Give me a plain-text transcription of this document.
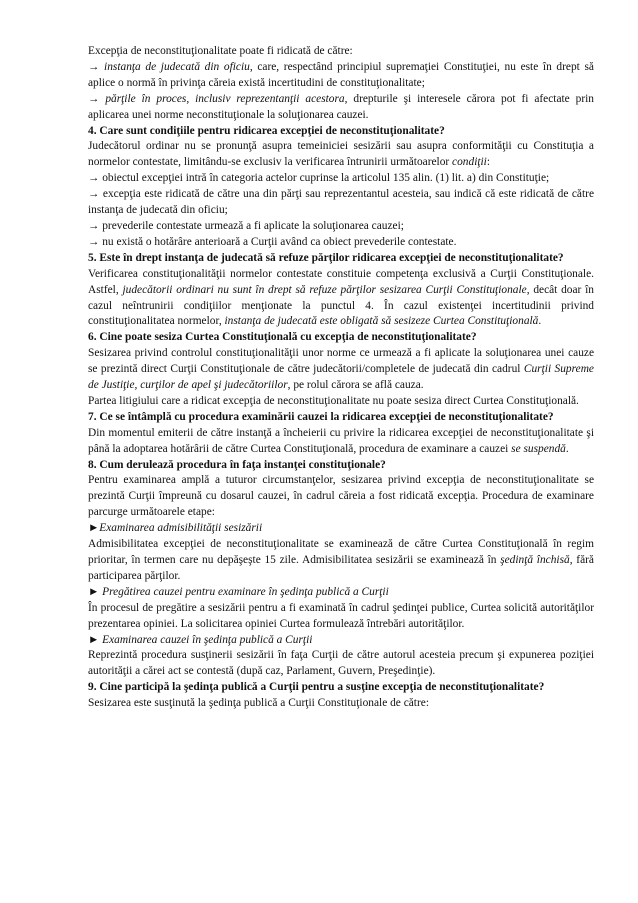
Excepţia de neconstituţionalitate poate fi ridicată de către:

→ instanţa de judecată din oficiu, care, respectând principiul supremaţiei Constituţiei, nu este în drept să aplice o normă în privinţa căreia există incertitudini de constituţionalitate;

→ părţile în proces, inclusiv reprezentanţii acestora, drepturile şi interesele cărora pot fi afectate prin aplicarea unei norme neconstituţionale la soluţionarea cauzei.

4. Care sunt condiţiile pentru ridicarea excepţiei de neconstituţionalitate?

Judecătorul ordinar nu se pronunţă asupra temeiniciei sesizării sau asupra conformităţii cu Constituţia a normelor contestate, limitându-se exclusiv la verificarea întrunirii următoarelor condiţii:

→ obiectul excepţiei intră în categoria actelor cuprinse la articolul 135 alin. (1) lit. a) din Constituţie;

→ excepţia este ridicată de către una din părţi sau reprezentantul acesteia, sau indică că este ridicată de către instanţa de judecată din oficiu;

→ prevederile contestate urmează a fi aplicate la soluţionarea cauzei;

→ nu există o hotărâre anterioară a Curţii având ca obiect prevederile contestate.

5. Este în drept instanţa de judecată să refuze părţilor ridicarea excepţiei de neconstituţionalitate?

Verificarea constituţionalităţii normelor contestate constituie competenţa exclusivă a Curţii Constituţionale. Astfel, judecătorii ordinari nu sunt în drept să refuze părţilor sesizarea Curţii Constituţionale, decât doar în cazul neîntrunirii condiţiilor menţionate la punctul 4. În cazul existenţei incertitudinii privind constituţionalitatea normelor, instanţa de judecată este obligată să sesizeze Curtea Constituţională.

6. Cine poate sesiza Curtea Constituţională cu excepţia de neconstituţionalitate?

Sesizarea privind controlul constituţionalităţii unor norme ce urmează a fi aplicate la soluţionarea unei cauze se prezintă direct Curţii Constituţionale de către judecătorii/completele de judecată din cadrul Curţii Supreme de Justiţie, curţilor de apel şi judecătoriilor, pe rolul cărora se află cauza.

Partea litigiului care a ridicat excepţia de neconstituţionalitate nu poate sesiza direct Curtea Constituţională.

7. Ce se întâmplă cu procedura examinării cauzei la ridicarea excepţiei de neconstituţionalitate?

Din momentul emiterii de către instanţă a încheierii cu privire la ridicarea excepţiei de neconstituţionalitate şi până la adoptarea hotărârii de către Curtea Constituţională, procedura de examinare a cauzei se suspendă.

8. Cum derulează procedura în faţa instanţei constituţionale?

Pentru examinarea amplă a tuturor circumstanţelor, sesizarea privind excepţia de neconstituţionalitate se prezintă Curţii împreună cu dosarul cauzei, în cadrul căreia a fost ridicată excepţia. Procedura de examinare parcurge următoarele etape:

►Examinarea admisibilităţii sesizării

Admisibilitatea excepţiei de neconstituţionalitate se examinează de către Curtea Constituţională în regim prioritar, în termen care nu depăşeşte 15 zile. Admisibilitatea sesizării se examinează în şedinţă închisă, fără participarea părţilor.

► Pregătirea cauzei pentru examinare în şedinţa publică a Curţii

În procesul de pregătire a sesizării pentru a fi examinată în cadrul şedinţei publice, Curtea solicită autorităţilor prezentarea opiniei. La solicitarea opiniei Curtea formulează întrebări autorităţilor.

► Examinarea cauzei în şedinţa publică a Curţii

Reprezintă procedura susţinerii sesizării în faţa Curţii de către autorul acesteia precum şi expunerea poziţiei autorităţii a cărei act se contestă (după caz, Parlament, Guvern, Preşedinţie).

9. Cine participă la şedinţa publică a Curţii pentru a susţine excepţia de neconstituţionalitate?

Sesizarea este susţinută la şedinţa publică a Curţii Constituţionale de către:
